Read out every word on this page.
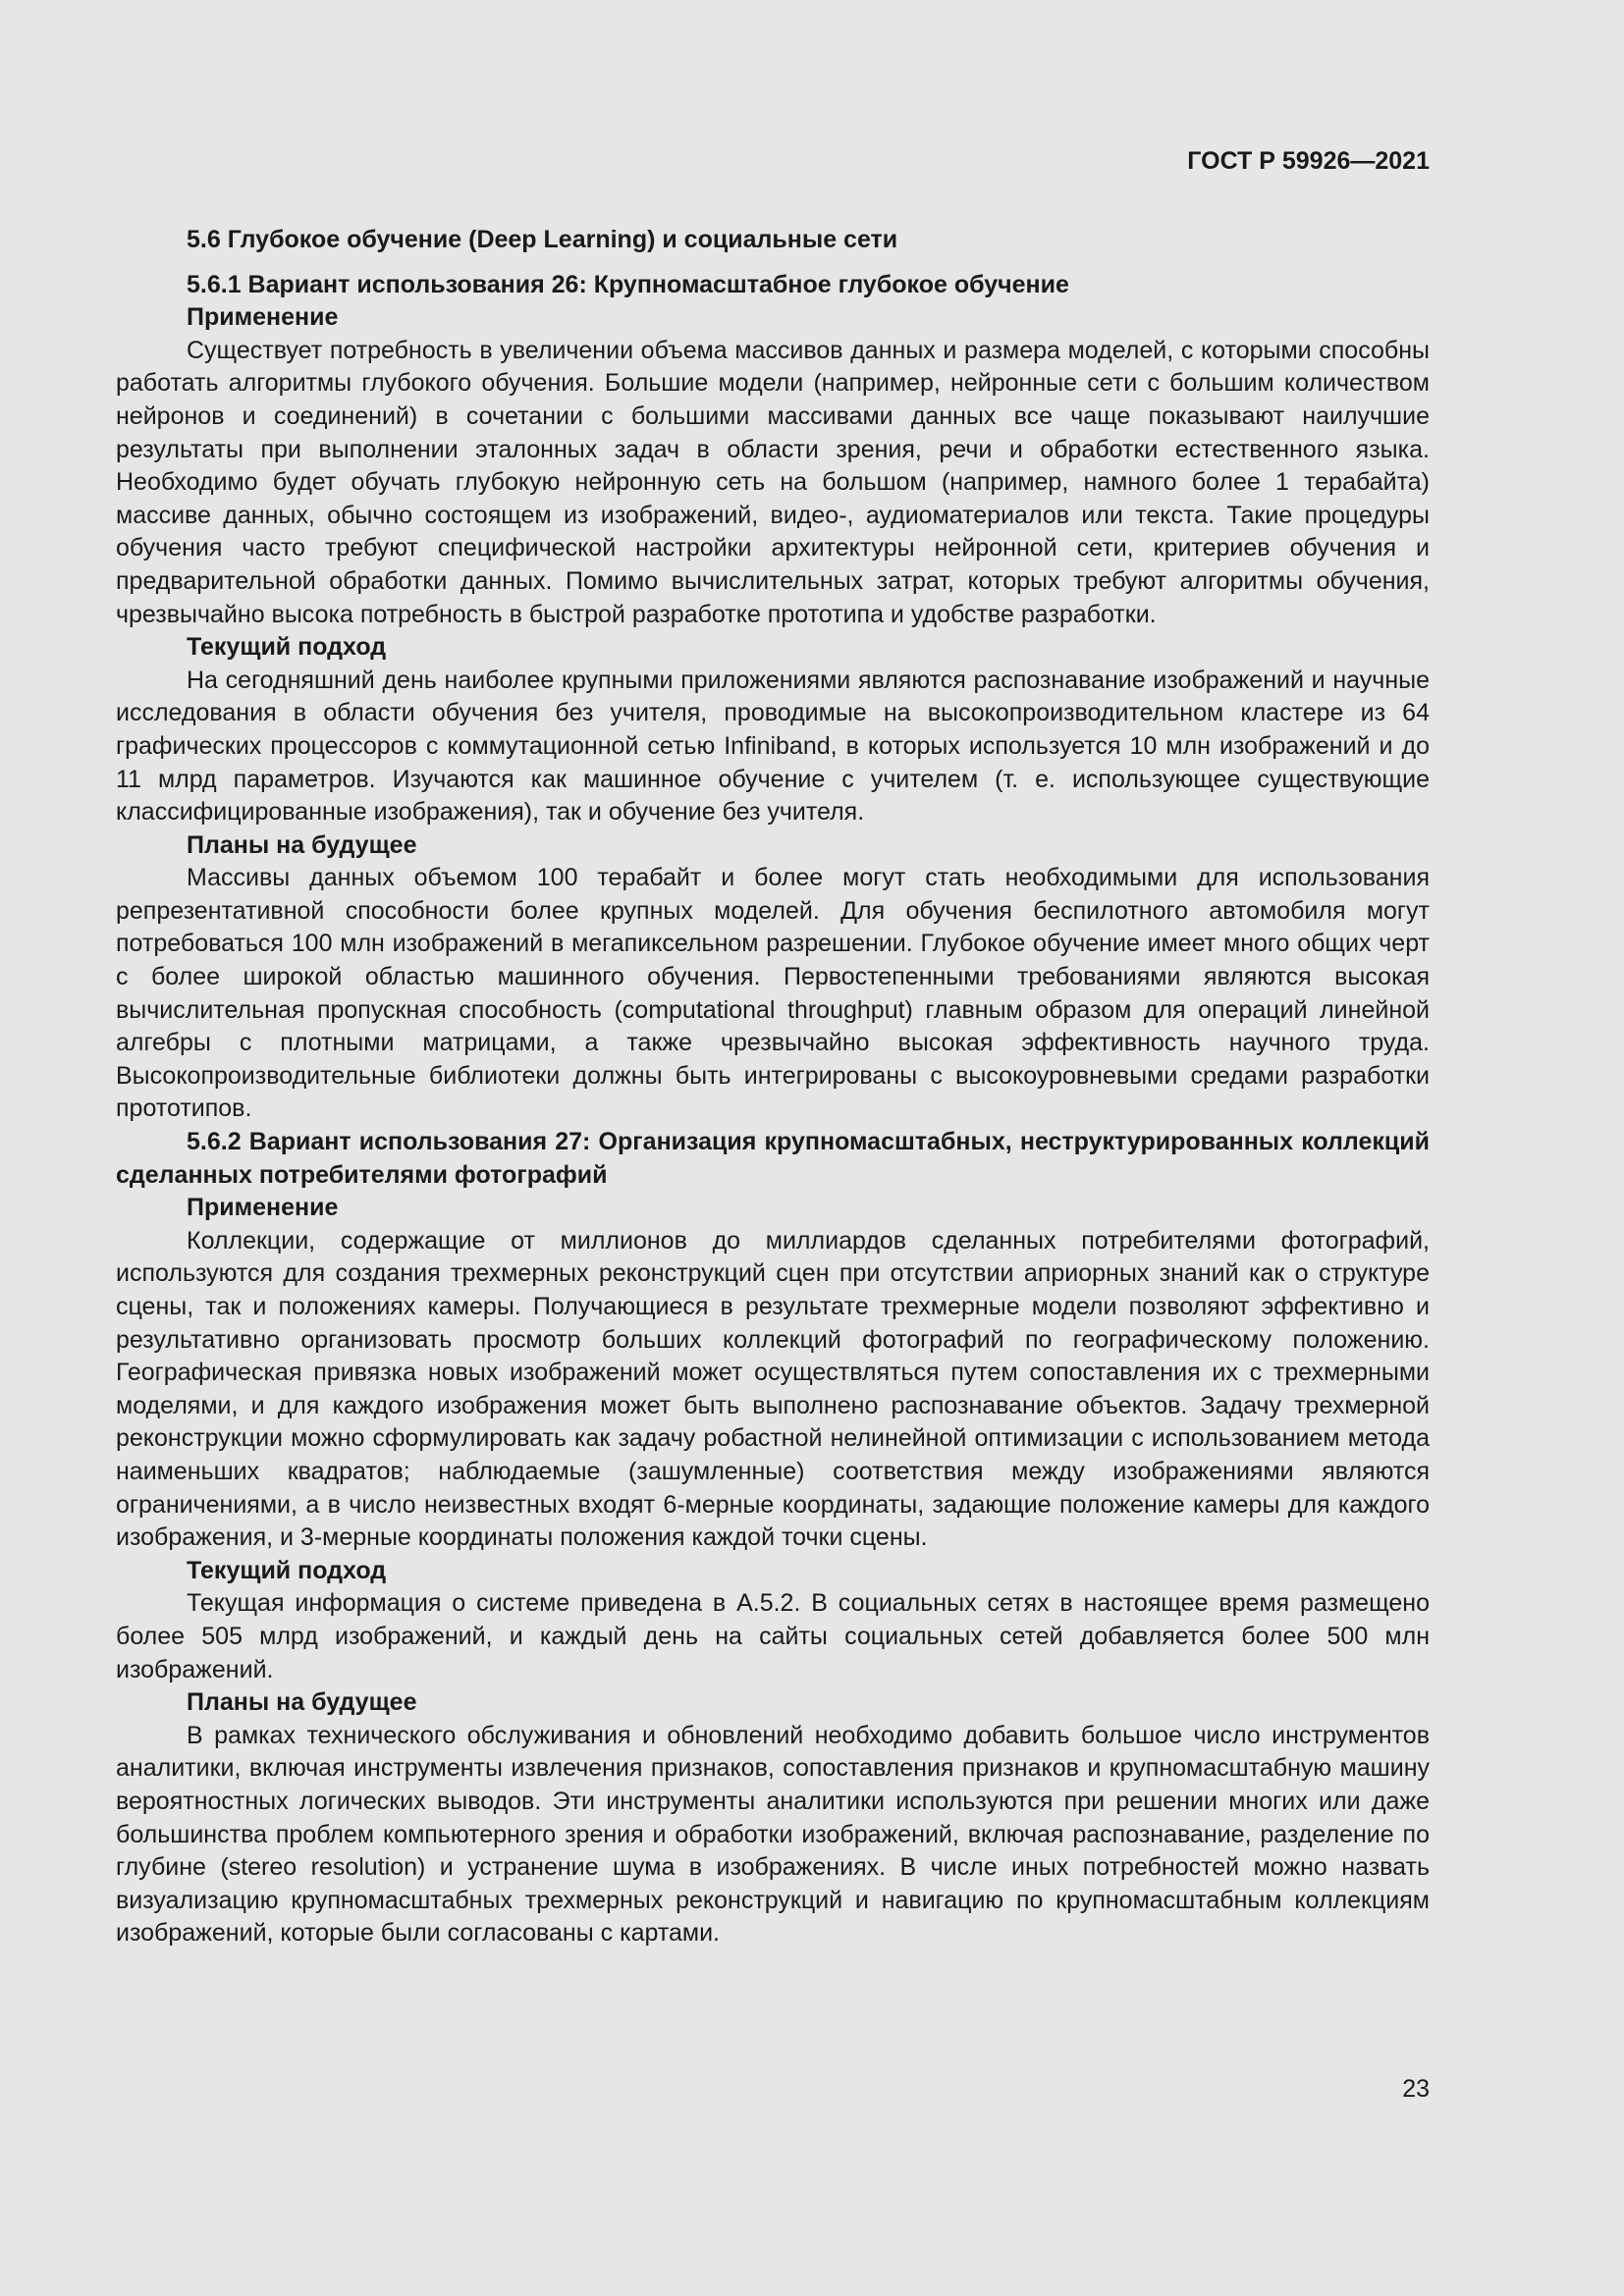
ГОСТ Р 59926—2021
5.6 Глубокое обучение (Deep Learning) и социальные сети
5.6.1 Вариант использования 26: Крупномасштабное глубокое обучение
Применение
Существует потребность в увеличении объема массивов данных и размера моделей, с которыми способны работать алгоритмы глубокого обучения. Большие модели (например, нейронные сети с большим количеством нейронов и соединений) в сочетании с большими массивами данных все чаще показывают наилучшие результаты при выполнении эталонных задач в области зрения, речи и обработки естественного языка. Необходимо будет обучать глубокую нейронную сеть на большом (например, намного более 1 терабайта) массиве данных, обычно состоящем из изображений, видео-, аудиоматериалов или текста. Такие процедуры обучения часто требуют специфической настройки архитектуры нейронной сети, критериев обучения и предварительной обработки данных. Помимо вычислительных затрат, которых требуют алгоритмы обучения, чрезвычайно высока потребность в быстрой разработке прототипа и удобстве разработки.
Текущий подход
На сегодняшний день наиболее крупными приложениями являются распознавание изображений и научные исследования в области обучения без учителя, проводимые на высокопроизводительном кластере из 64 графических процессоров с коммутационной сетью Infiniband, в которых используется 10 млн изображений и до 11 млрд параметров. Изучаются как машинное обучение с учителем (т. е. использующее существующие классифицированные изображения), так и обучение без учителя.
Планы на будущее
Массивы данных объемом 100 терабайт и более могут стать необходимыми для использования репрезентативной способности более крупных моделей. Для обучения беспилотного автомобиля могут потребоваться 100 млн изображений в мегапиксельном разрешении. Глубокое обучение имеет много общих черт с более широкой областью машинного обучения. Первостепенными требованиями являются высокая вычислительная пропускная способность (computational throughput) главным образом для операций линейной алгебры с плотными матрицами, а также чрезвычайно высокая эффективность научного труда. Высокопроизводительные библиотеки должны быть интегрированы с высокоуровневыми средами разработки прототипов.
5.6.2 Вариант использования 27: Организация крупномасштабных, неструктурированных коллекций сделанных потребителями фотографий
Применение
Коллекции, содержащие от миллионов до миллиардов сделанных потребителями фотографий, используются для создания трехмерных реконструкций сцен при отсутствии априорных знаний как о структуре сцены, так и положениях камеры. Получающиеся в результате трехмерные модели позволяют эффективно и результативно организовать просмотр больших коллекций фотографий по географическому положению. Географическая привязка новых изображений может осуществляться путем сопоставления их с трехмерными моделями, и для каждого изображения может быть выполнено распознавание объектов. Задачу трехмерной реконструкции можно сформулировать как задачу робастной нелинейной оптимизации с использованием метода наименьших квадратов; наблюдаемые (зашумленные) соответствия между изображениями являются ограничениями, а в число неизвестных входят 6-мерные координаты, задающие положение камеры для каждого изображения, и 3-мерные координаты положения каждой точки сцены.
Текущий подход
Текущая информация о системе приведена в А.5.2. В социальных сетях в настоящее время размещено более 505 млрд изображений, и каждый день на сайты социальных сетей добавляется более 500 млн изображений.
Планы на будущее
В рамках технического обслуживания и обновлений необходимо добавить большое число инструментов аналитики, включая инструменты извлечения признаков, сопоставления признаков и крупномасштабную машину вероятностных логических выводов. Эти инструменты аналитики используются при решении многих или даже большинства проблем компьютерного зрения и обработки изображений, включая распознавание, разделение по глубине (stereo resolution) и устранение шума в изображениях. В числе иных потребностей можно назвать визуализацию крупномасштабных трехмерных реконструкций и навигацию по крупномасштабным коллекциям изображений, которые были согласованы с картами.
23
